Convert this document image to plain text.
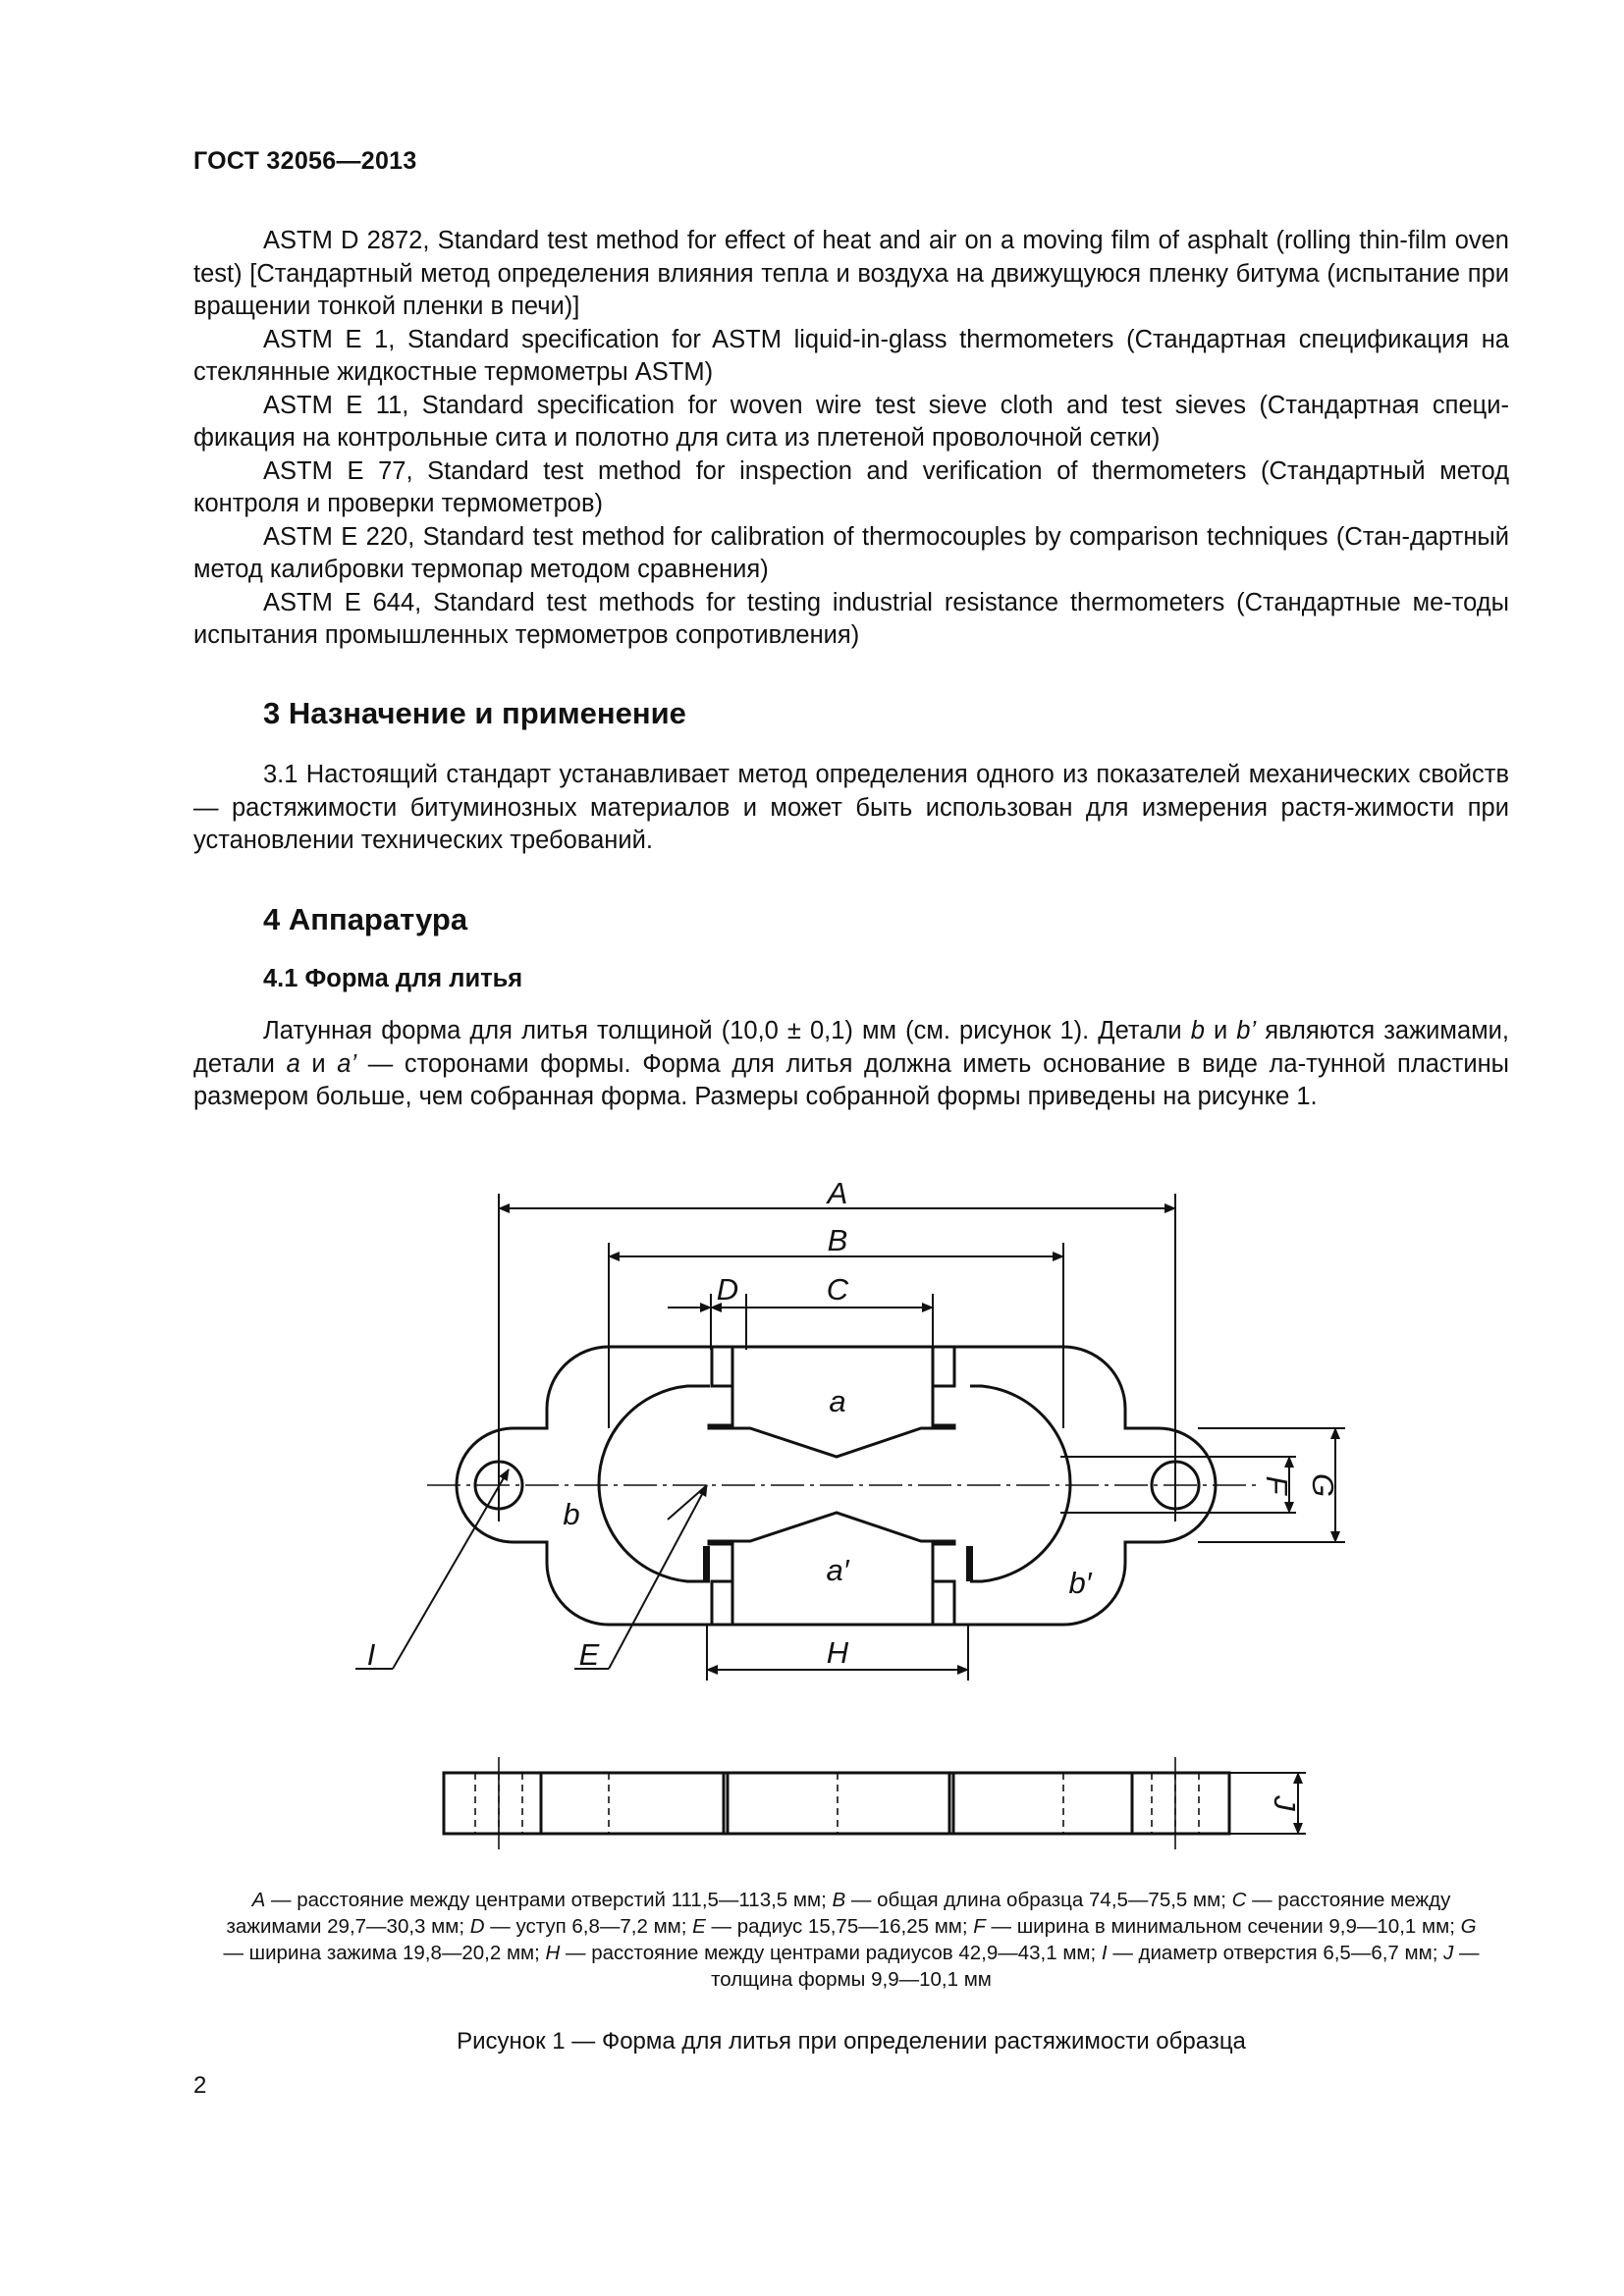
ГОСТ 32056—2013

ASTM D 2872, Standard test method for effect of heat and air on a moving film of asphalt (rolling thin-film oven test) [Стандартный метод определения влияния тепла и воздуха на движущуюся пленку битума (испытание при вращении тонкой пленки в печи)]

ASTM E 1, Standard specification for ASTM liquid-in-glass thermometers (Стандартная спецификация на стеклянные жидкостные термометры ASTM)

ASTM E 11, Standard specification for woven wire test sieve cloth and test sieves (Стандартная специ-фикация на контрольные сита и полотно для сита из плетеной проволочной сетки)

ASTM E 77, Standard test method for inspection and verification of thermometers (Стандартный метод контроля и проверки термометров)

ASTM E 220, Standard test method for calibration of thermocouples by comparison techniques (Стан-дартный метод калибровки термопар методом сравнения)

ASTM E 644, Standard test methods for testing industrial resistance thermometers (Стандартные ме-тоды испытания промышленных термометров сопротивления)

3 Назначение и применение

3.1 Настоящий стандарт устанавливает метод определения одного из показателей механических свойств — растяжимости битуминозных материалов и может быть использован для измерения растя-жимости при установлении технических требований.

4 Аппаратура
4.1 Форма для литья

Латунная форма для литья толщиной (10,0 ± 0,1) мм (см. рисунок 1). Детали b и b’ являются зажимами, детали a и a’ — сторонами формы. Форма для литья должна иметь основание в виде ла-тунной пластины размером больше, чем собранная форма. Размеры собранной формы приведены на рисунке 1.

A
B
D	C
F G
a
a′
b
b′
I	E	H
J
A — расстояние между центрами отверстий 111,5—113,5 мм; B — общая длина образца 74,5—75,5 мм; C — расстояние между зажимами 29,7—30,3 мм; D — уступ 6,8—7,2 мм; E — радиус 15,75—16,25 мм; F — ширина в минимальном сечении 9,9—10,1 мм; G — ширина зажима 19,8—20,2 мм; H — расстояние между центрами радиусов 42,9—43,1 мм; I — диаметр отверстия 6,5—6,7 мм; J — толщина формы 9,9—10,1 мм
Рисунок 1 — Форма для литья при определении растяжимости образца
2
